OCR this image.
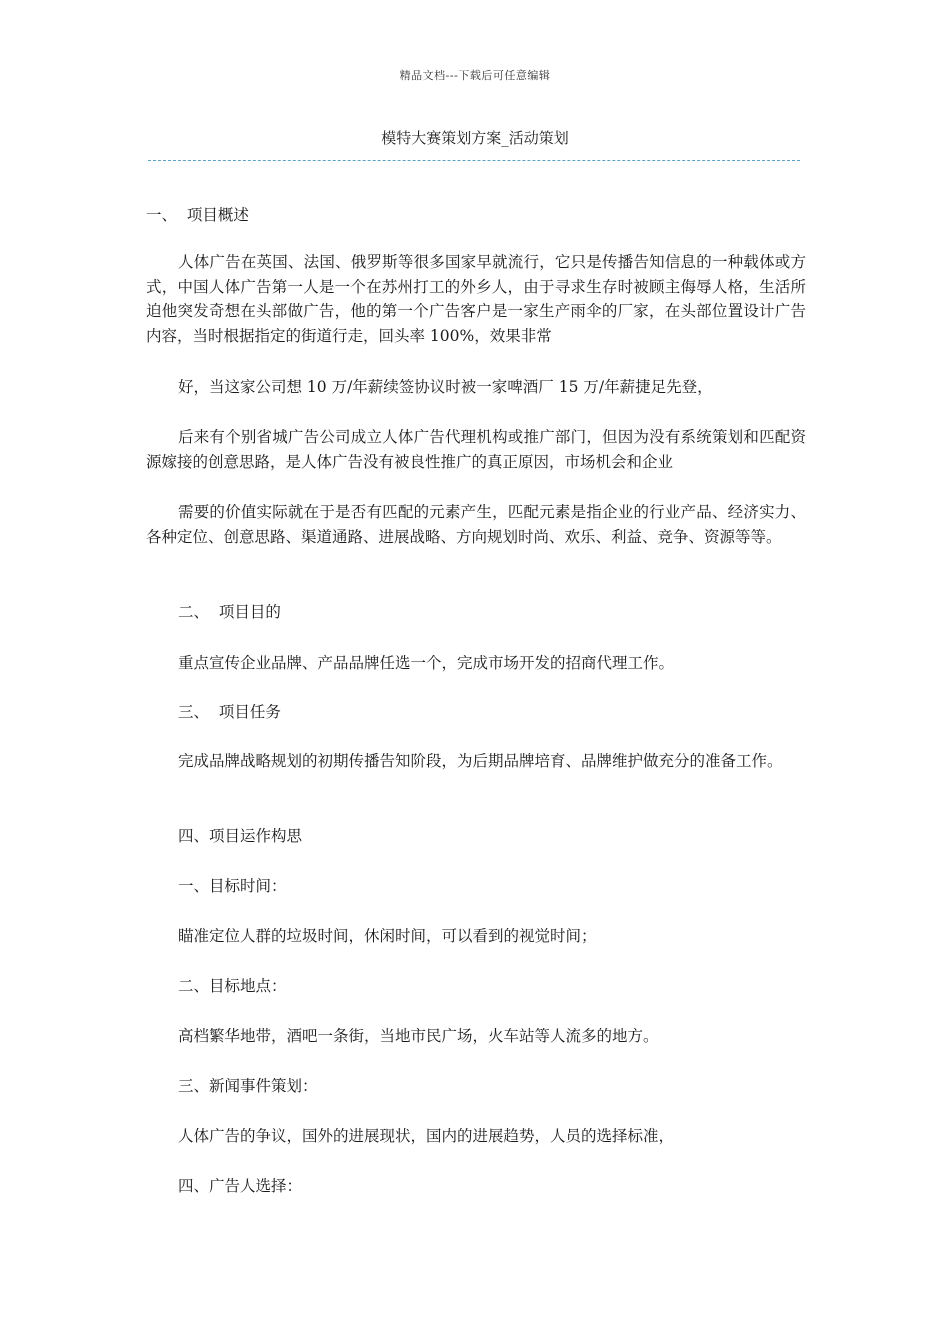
精品文档---下载后可任意编辑
模特大赛策划方案_活动策划
一、  项目概述
人体广告在英国、法国、俄罗斯等很多国家早就流行，它只是传播告知信息的一种载体或方式，中国人体广告第一人是一个在苏州打工的外乡人，由于寻求生存时被顾主侮辱人格，生活所迫他突发奇想在头部做广告，他的第一个广告客户是一家生产雨伞的厂家，在头部位置设计广告内容，当时根据指定的街道行走，回头率 100%，效果非常
好，当这家公司想 10 万/年薪续签协议时被一家啤酒厂 15 万/年薪捷足先登，
后来有个别省城广告公司成立人体广告代理机构或推广部门，但因为没有系统策划和匹配资源嫁接的创意思路，是人体广告没有被良性推广的真正原因，市场机会和企业
需要的价值实际就在于是否有匹配的元素产生，匹配元素是指企业的行业产品、经济实力、各种定位、创意思路、渠道通路、进展战略、方向规划时尚、欢乐、利益、竞争、资源等等。
二、  项目目的
重点宣传企业品牌、产品品牌任选一个，完成市场开发的招商代理工作。
三、  项目任务
完成品牌战略规划的初期传播告知阶段，为后期品牌培育、品牌维护做充分的准备工作。
四、项目运作构思
一、目标时间：
瞄准定位人群的垃圾时间，休闲时间，可以看到的视觉时间；
二、目标地点：
高档繁华地带，酒吧一条街，当地市民广场，火车站等人流多的地方。
三、新闻事件策划：
人体广告的争议，国外的进展现状，国内的进展趋势，人员的选择标准，
四、广告人选择：
